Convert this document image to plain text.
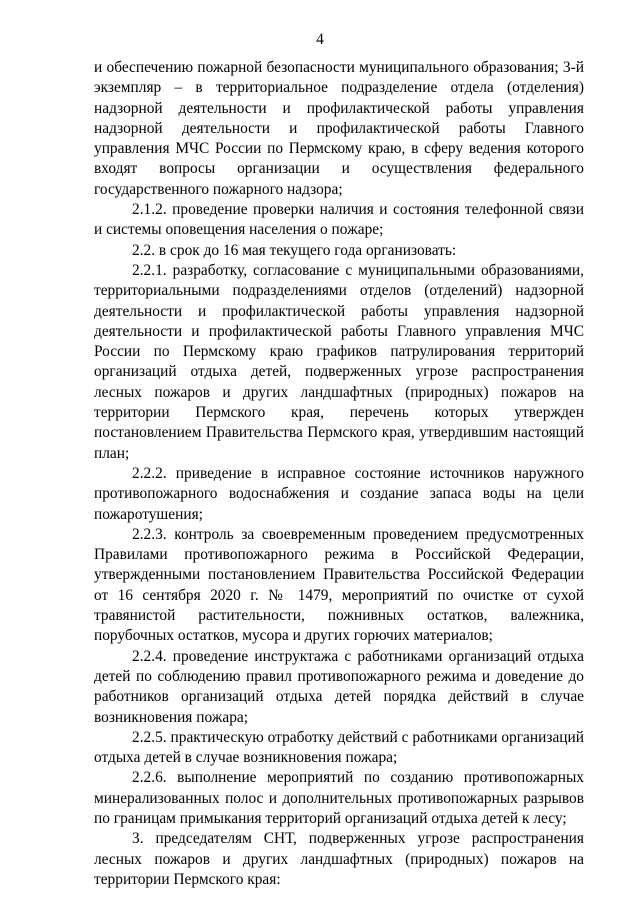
4

и обеспечению пожарной безопасности муниципального образования; 3-й экземпляр – в территориальное подразделение отдела (отделения) надзорной деятельности и профилактической работы управления надзорной деятельности и профилактической работы Главного управления МЧС России по Пермскому краю, в сферу ведения которого входят вопросы организации и осуществления федерального государственного пожарного надзора;

2.1.2. проведение проверки наличия и состояния телефонной связи и системы оповещения населения о пожаре;

2.2. в срок до 16 мая текущего года организовать:

2.2.1. разработку, согласование с муниципальными образованиями, территориальными подразделениями отделов (отделений) надзорной деятельности и профилактической работы управления надзорной деятельности и профилактической работы Главного управления МЧС России по Пермскому краю графиков патрулирования территорий организаций отдыха детей, подверженных угрозе распространения лесных пожаров и других ландшафтных (природных) пожаров на территории Пермского края, перечень которых утвержден постановлением Правительства Пермского края, утвердившим настоящий план;

2.2.2. приведение в исправное состояние источников наружного противопожарного водоснабжения и создание запаса воды на цели пожаротушения;

2.2.3. контроль за своевременным проведением предусмотренных Правилами противопожарного режима в Российской Федерации, утвержденными постановлением Правительства Российской Федерации от 16 сентября 2020 г. № 1479, мероприятий по очистке от сухой травянистой растительности, пожнивных остатков, валежника, порубочных остатков, мусора и других горючих материалов;

2.2.4. проведение инструктажа с работниками организаций отдыха детей по соблюдению правил противопожарного режима и доведение до работников организаций отдыха детей порядка действий в случае возникновения пожара;

2.2.5. практическую отработку действий с работниками организаций отдыха детей в случае возникновения пожара;

2.2.6. выполнение мероприятий по созданию противопожарных минерализованных полос и дополнительных противопожарных разрывов по границам примыкания территорий организаций отдыха детей к лесу;

3. председателям СНТ, подверженных угрозе распространения лесных пожаров и других ландшафтных (природных) пожаров на территории Пермского края:
